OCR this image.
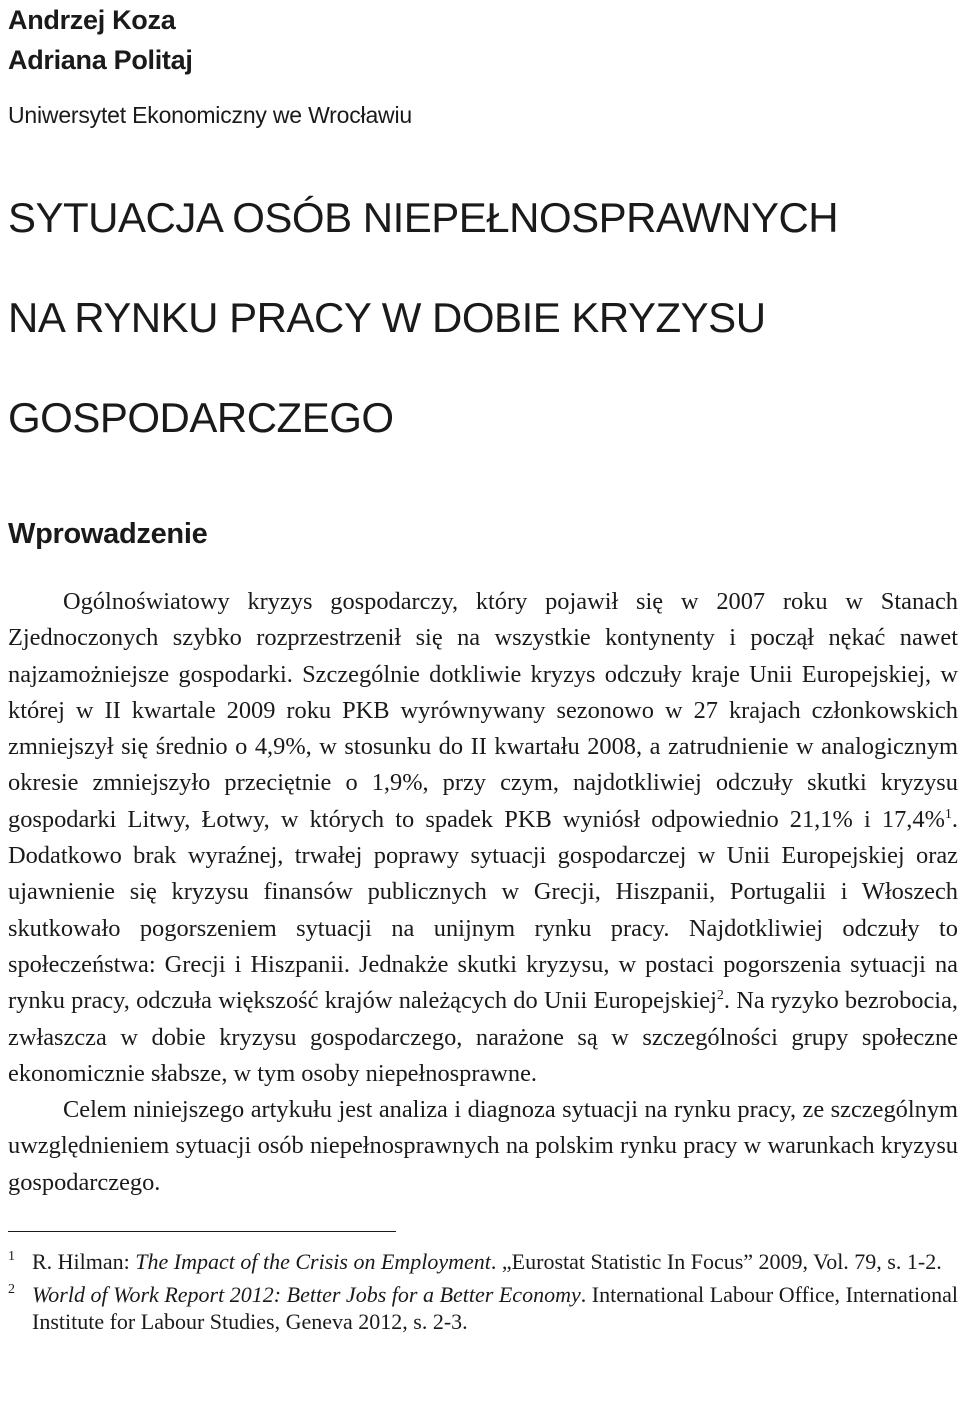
Andrzej Koza
Adriana Politaj

Uniwersytet Ekonomiczny we Wrocławiu

SYTUACJA OSÓB NIEPEŁNOSPRAWNYCH
NA RYNKU PRACY W DOBIE KRYZYSU
GOSPODARCZEGO
Wprowadzenie

Ogólnoświatowy kryzys gospodarczy, który pojawił się w 2007 roku w Stanach Zjednoczonych szybko rozprzestrzenił się na wszystkie kontynenty i począł nękać nawet najzamożniejsze gospodarki. Szczególnie dotkliwie kryzys odczuły kraje Unii Europejskiej, w której w II kwartale 2009 roku PKB wyrównywany sezonowo w 27 krajach członkowskich zmniejszył się średnio o 4,9%, w stosunku do II kwartału 2008, a zatrudnienie w analogicznym okresie zmniejszyło przeciętnie o 1,9%, przy czym, najdotkliwiej odczuły skutki kryzysu gospodarki Litwy, Łotwy, w których to spadek PKB wyniósł odpowiednio 21,1% i 17,4%$^1$. Dodatkowo brak wyraźnej, trwałej poprawy sytuacji gospodarczej w Unii Europejskiej oraz ujawnienie się kryzysu finansów publicznych w Grecji, Hiszpanii, Portugalii i Włoszech skutkowało pogorszeniem sytuacji na unijnym rynku pracy. Najdotkliwiej odczuły to społeczeństwa: Grecji i Hiszpanii. Jednakże skutki kryzysu, w postaci pogorszenia sytuacji na rynku pracy, odczuła większość krajów należących do Unii Europejskiej$^2$. Na ryzyko bezrobocia, zwłaszcza w dobie kryzysu gospodarczego, narażone są w szczególności grupy społeczne ekonomicznie słabsze, w tym osoby niepełnosprawne.

Celem niniejszego artykułu jest analiza i diagnoza sytuacji na rynku pracy, ze szczególnym uwzględnieniem sytuacji osób niepełnosprawnych na polskim rynku pracy w warunkach kryzysu gospodarczego.

1 R. Hilman: The Impact of the Crisis on Employment. „Eurostat Statistic In Focus” 2009, Vol. 79, s. 1-2.
2 World of Work Report 2012: Better Jobs for a Better Economy. International Labour Office, International Institute for Labour Studies, Geneva 2012, s. 2-3.
